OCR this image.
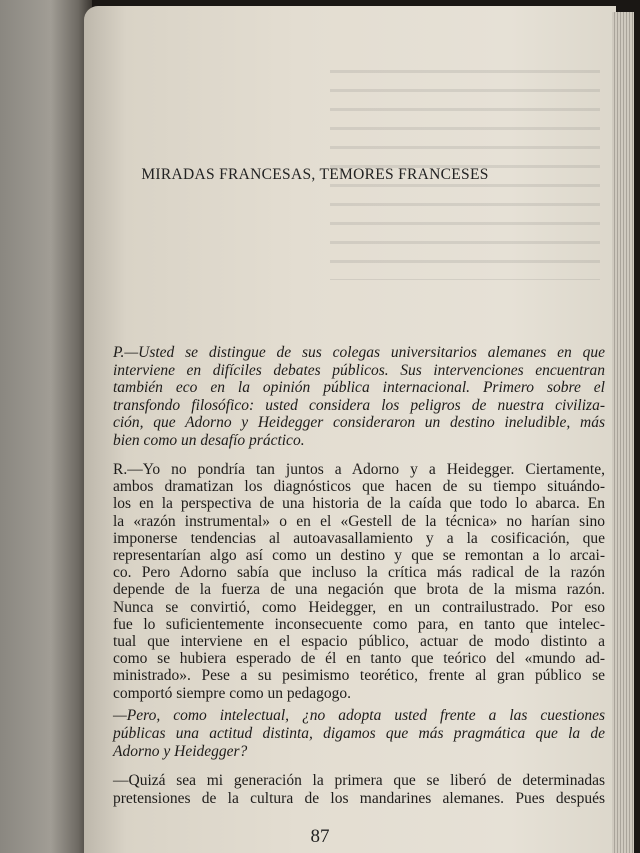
MIRADAS FRANCESAS, TEMORES FRANCESES
P.—Usted se distingue de sus colegas universitarios alemanes en que
interviene en difíciles debates públicos. Sus intervenciones encuentran
también eco en la opinión pública internacional. Primero sobre el
transfondo filosófico: usted considera los peligros de nuestra civiliza-
ción, que Adorno y Heidegger consideraron un destino ineludible, más
bien como un desafío práctico.
R.—Yo no pondría tan juntos a Adorno y a Heidegger. Ciertamente,
ambos dramatizan los diagnósticos que hacen de su tiempo situándo-
los en la perspectiva de una historia de la caída que todo lo abarca. En
la «razón instrumental» o en el «Gestell de la técnica» no harían sino
imponerse tendencias al autoavasallamiento y a la cosificación, que
representarían algo así como un destino y que se remontan a lo arcai-
co. Pero Adorno sabía que incluso la crítica más radical de la razón
depende de la fuerza de una negación que brota de la misma razón.
Nunca se convirtió, como Heidegger, en un contrailustrado. Por eso
fue lo suficientemente inconsecuente como para, en tanto que intelec-
tual que interviene en el espacio público, actuar de modo distinto a
como se hubiera esperado de él en tanto que teórico del «mundo ad-
ministrado». Pese a su pesimismo teorético, frente al gran público se
comportó siempre como un pedagogo.
—Pero, como intelectual, ¿no adopta usted frente a las cuestiones
públicas una actitud distinta, digamos que más pragmática que la de
Adorno y Heidegger?
—Quizá sea mi generación la primera que se liberó de determinadas
pretensiones de la cultura de los mandarines alemanes. Pues después
87
